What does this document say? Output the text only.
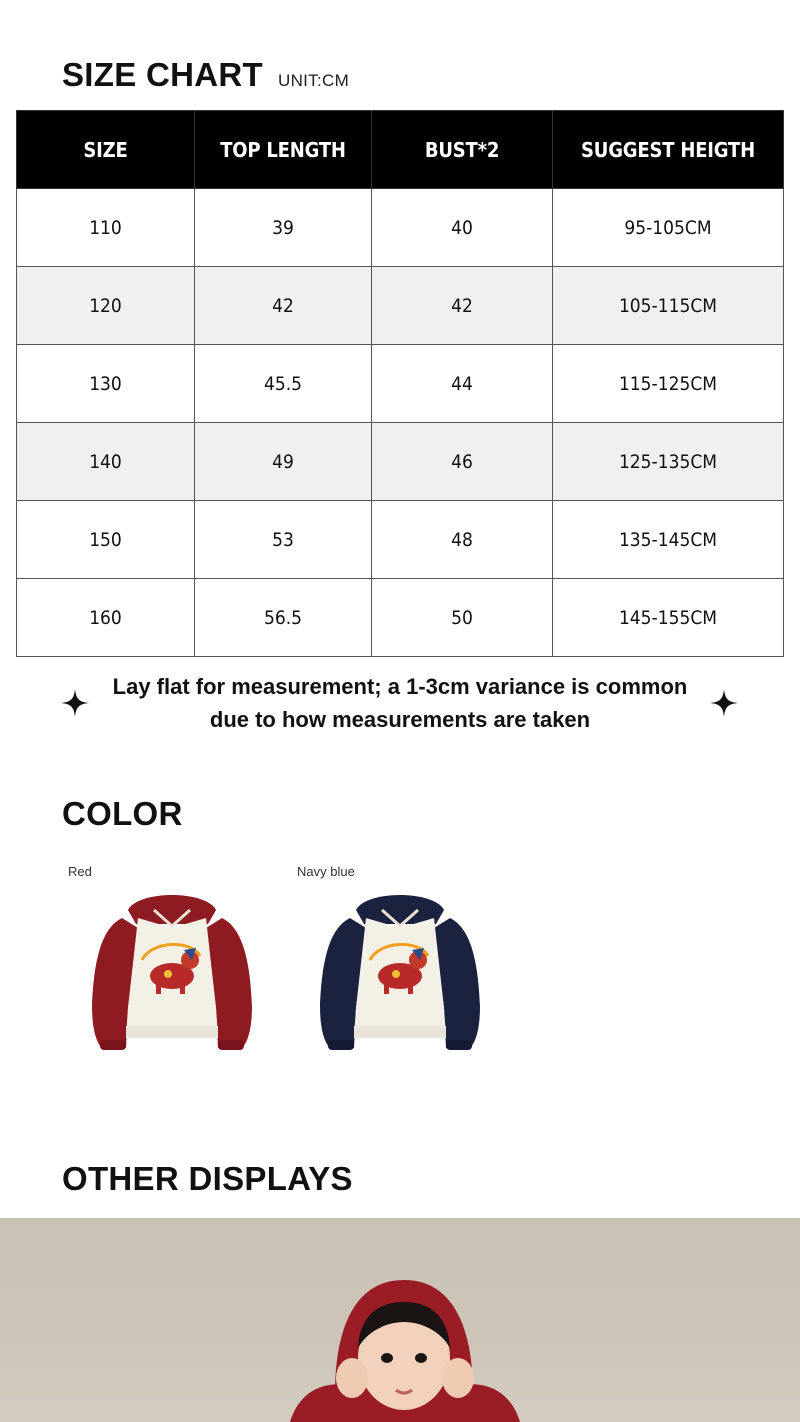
SIZE CHART UNIT:CM
SIZE	TOP LENGTH	BUST*2	SUGGEST HEIGTH
110	39	40	95-105CM
120	42	42	105-115CM
130	45.5	44	115-125CM
140	49	46	125-135CM
150	53	48	135-145CM
160	56.5	50	145-155CM
Lay flat for measurement; a 1-3cm variance is common
due to how measurements are taken
COLOR
Red	Navy blue
OTHER DISPLAYS
